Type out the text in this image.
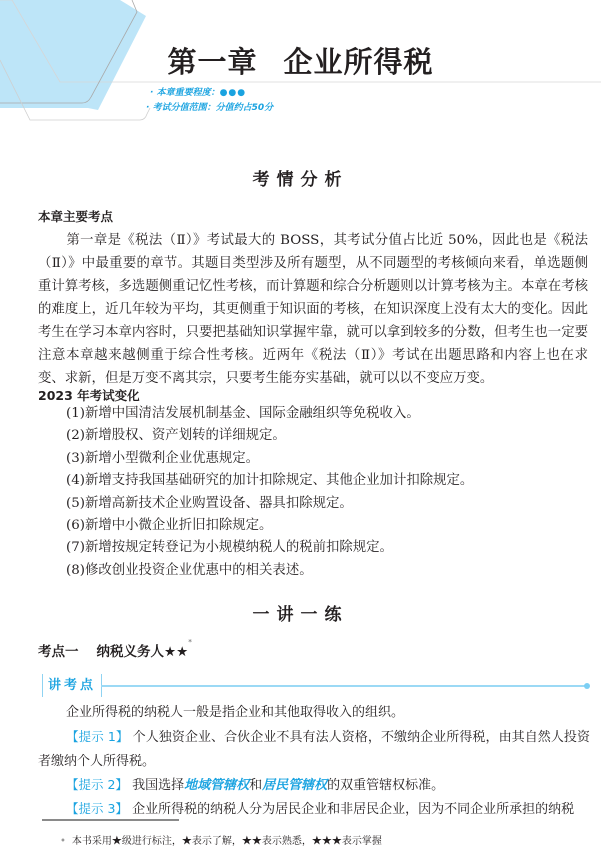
第一章 企业所得税
· 本章重要程度：●●●
· 考试分值范围：分值约占50分
考情分析
本章主要考点
第一章是《税法（Ⅱ）》考试最大的 BOSS，其考试分值占比近 50%，因此也是《税法（Ⅱ）》中最重要的章节。其题目类型涉及所有题型，从不同题型的考核倾向来看，单选题侧重计算考核，多选题侧重记忆性考核，而计算题和综合分析题则以计算考核为主。本章在考核的难度上，近几年较为平均，其更侧重于知识面的考核，在知识深度上没有太大的变化。因此考生在学习本章内容时，只要把基础知识掌握牢靠，就可以拿到较多的分数，但考生也一定要注意本章越来越侧重于综合性考核。近两年《税法（Ⅱ）》考试在出题思路和内容上也在求变、求新，但是万变不离其宗，只要考生能夯实基础，就可以以不变应万变。
2023 年考试变化
(1)新增中国清洁发展机制基金、国际金融组织等免税收入。
(2)新增股权、资产划转的详细规定。
(3)新增小型微利企业优惠规定。
(4)新增支持我国基础研究的加计扣除规定、其他企业加计扣除规定。
(5)新增高新技术企业购置设备、器具扣除规定。
(6)新增中小微企业折旧扣除规定。
(7)新增按规定转登记为小规模纳税人的税前扣除规定。
(8)修改创业投资企业优惠中的相关表述。
一讲一练
考点一 纳税义务人★★*
讲考点
企业所得税的纳税人一般是指企业和其他取得收入的组织。
【提示 1】 个人独资企业、合伙企业不具有法人资格，不缴纳企业所得税，由其自然人投资者缴纳个人所得税。
【提示 2】 我国选择地域管辖权和居民管辖权的双重管辖权标准。
【提示 3】 企业所得税的纳税人分为居民企业和非居民企业，因为不同企业所承担的纳税
• 本书采用★级进行标注，★表示了解，★★表示熟悉，★★★表示掌握
